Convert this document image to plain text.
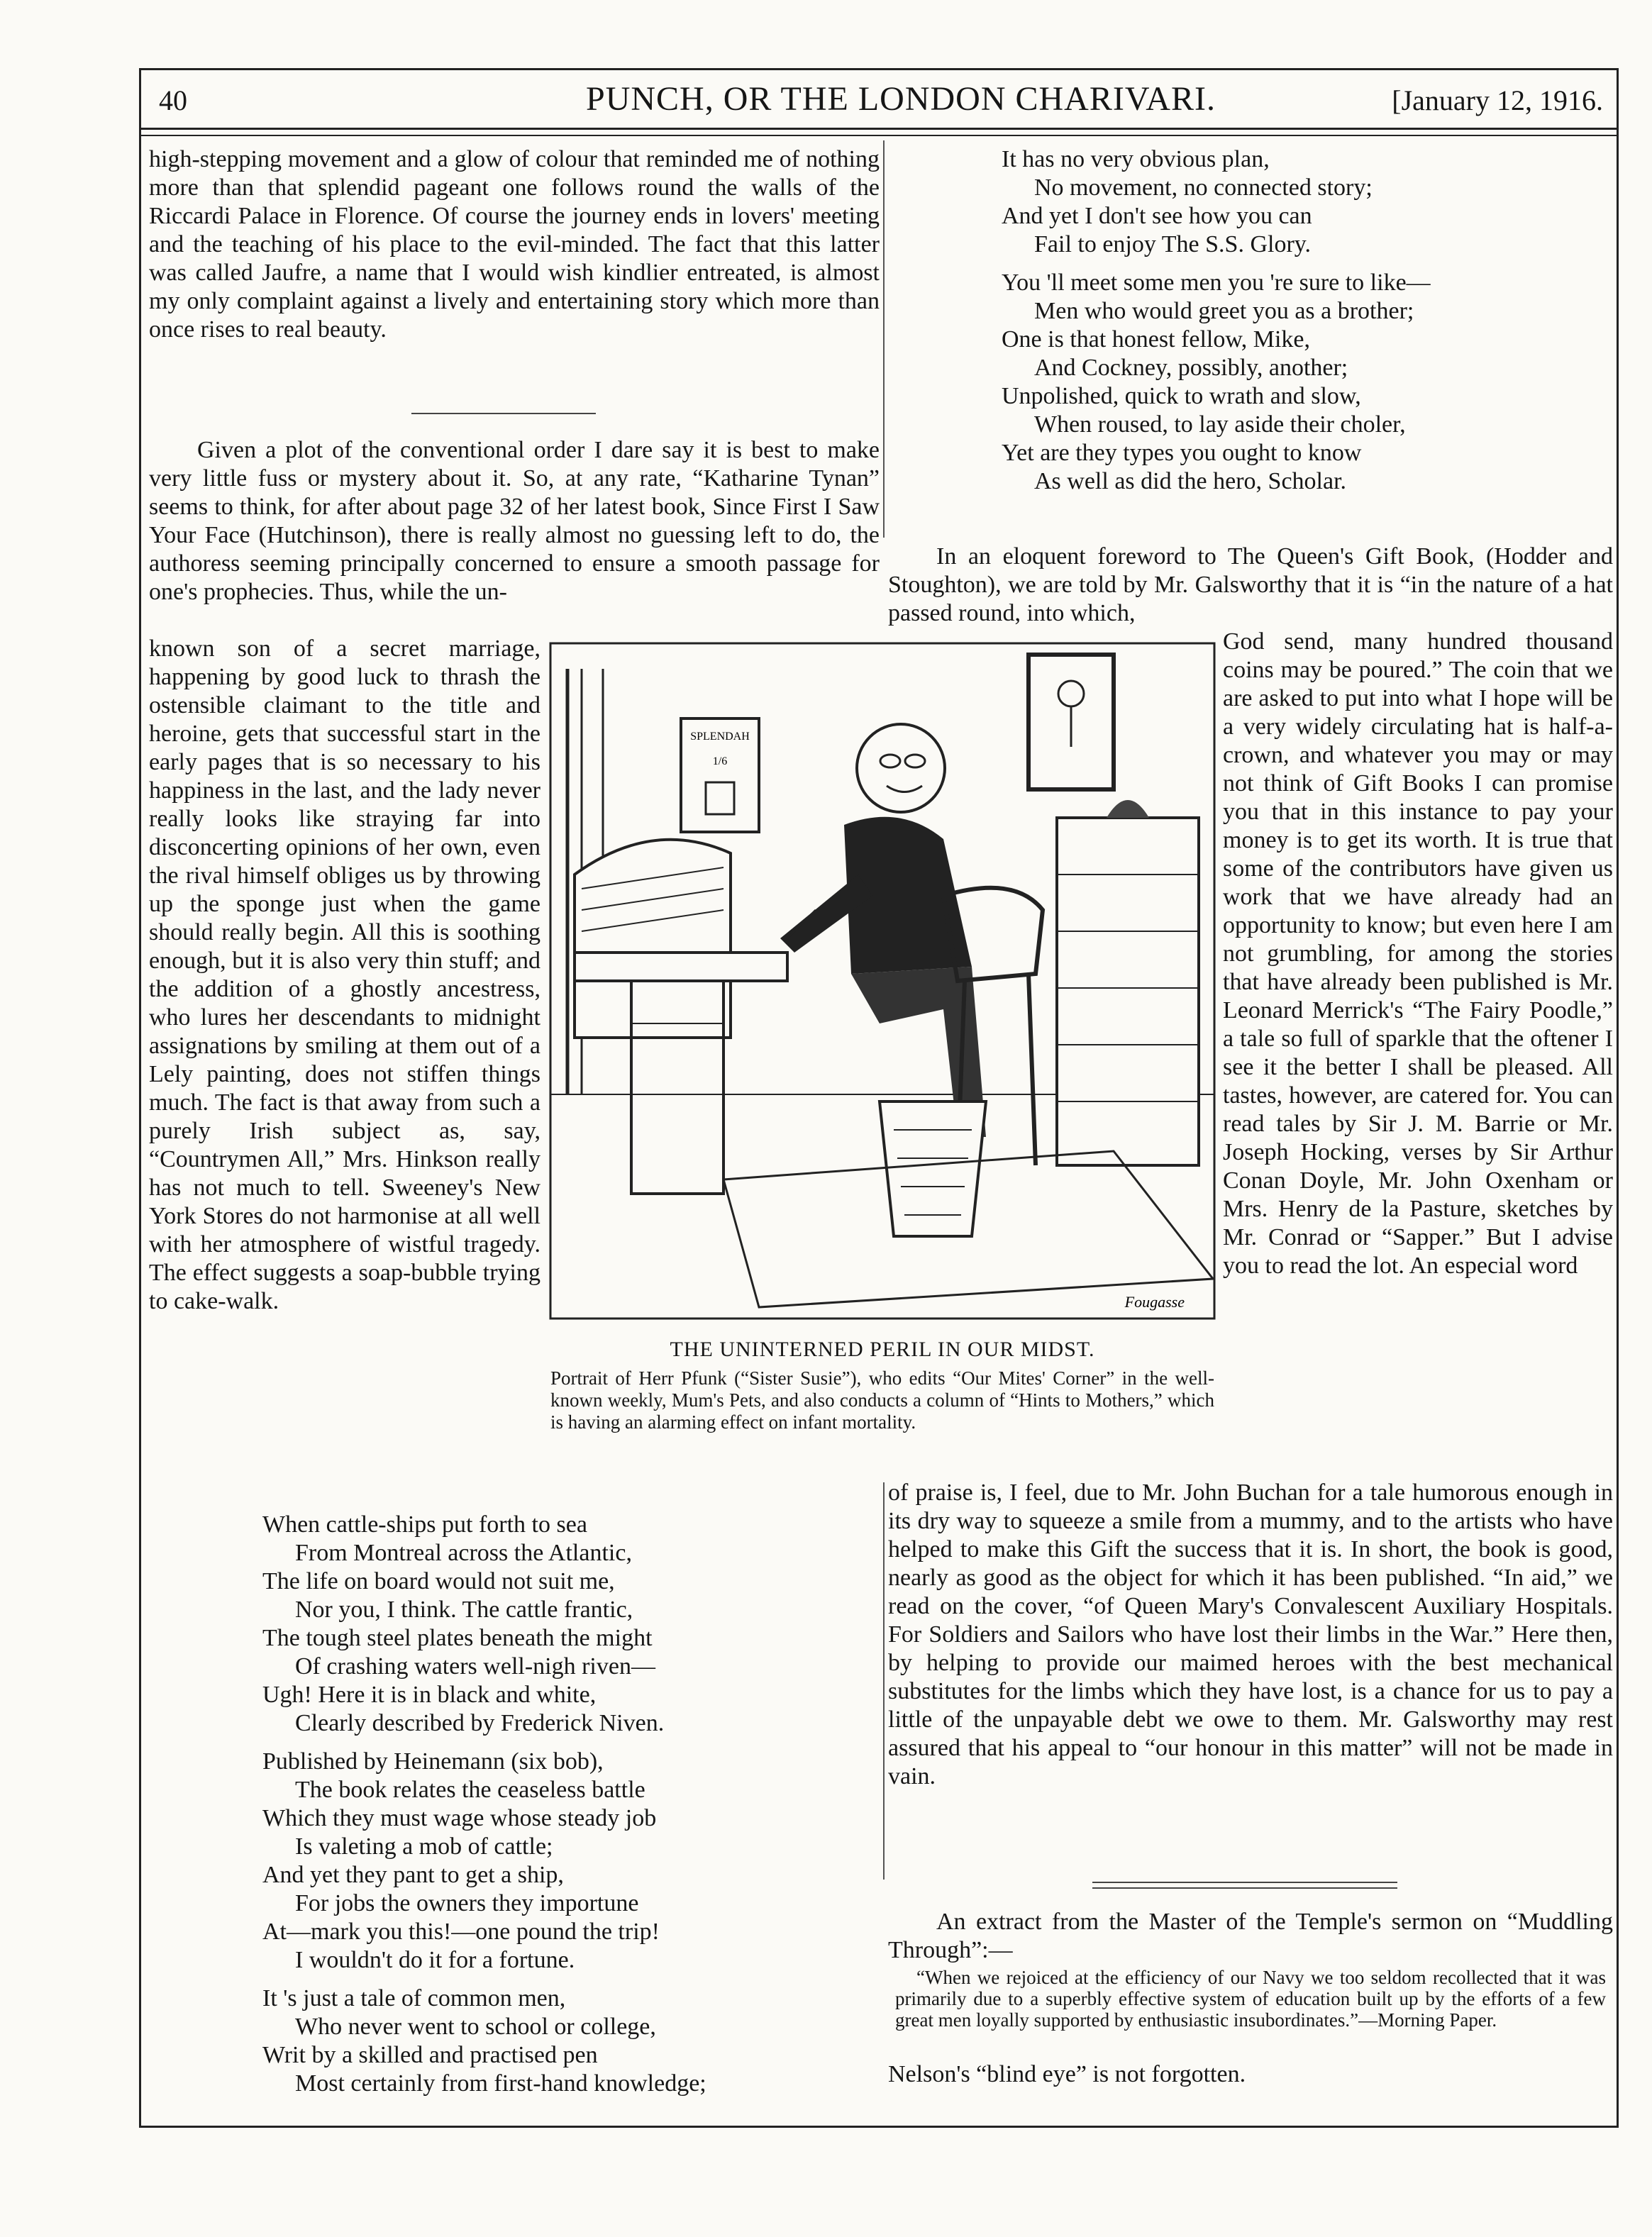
40	PUNCH, OR THE LONDON CHARIVARI.	[January 12, 1916.

high-stepping movement and a glow of colour that reminded me of nothing more than that splendid pageant one follows round the walls of the Riccardi Palace in Florence. Of course the journey ends in lovers' meeting and the teaching of his place to the evil-minded. The fact that this latter was called Jaufre, a name that I would wish kindlier entreated, is almost my only complaint against a lively and entertaining story which more than once rises to real beauty.

Given a plot of the conventional order I dare say it is best to make very little fuss or mystery about it. So, at any rate, “Katharine Tynan” seems to think, for after about page 32 of her latest book, Since First I Saw Your Face (Hutchinson), there is really almost no guessing left to do, the authoress seeming principally concerned to ensure a smooth passage for one's prophecies. Thus, while the un-

known son of a secret marriage, happening by good luck to thrash the ostensible claimant to the title and heroine, gets that successful start in the early pages that is so necessary to his happiness in the last, and the lady never really looks like straying far into disconcerting opinions of her own, even the rival himself obliges us by throwing up the sponge just when the game should really begin. All this is soothing enough, but it is also very thin stuff; and the addition of a ghostly ancestress, who lures her descendants to midnight assignations by smiling at them out of a Lely painting, does not stiffen things much. The fact is that away from such a purely Irish subject as, say, “Countrymen All,” Mrs. Hinkson really has not much to tell. Sweeney's New York Stores do not harmonise at all well with her atmosphere of wistful tragedy. The effect suggests a soap-bubble trying to cake-walk.

It has no very obvious plan,
No movement, no connected story;
And yet I don't see how you can
Fail to enjoy The S.S. Glory.
You 'll meet some men you 're sure to like—
Men who would greet you as a brother;
One is that honest fellow, Mike,
And Cockney, possibly, another;
Unpolished, quick to wrath and slow,
When roused, to lay aside their choler,
Yet are they types you ought to know
As well as did the hero, Scholar.

In an eloquent foreword to The Queen's Gift Book, (Hodder and Stoughton), we are told by Mr. Galsworthy that it is “in the nature of a hat passed round, into which,

God send, many hundred thousand coins may be poured.” The coin that we are asked to put into what I hope will be a very widely circulating hat is half-a-crown, and whatever you may or may not think of Gift Books I can promise you that in this instance to pay your money is to get its worth. It is true that some of the contributors have given us work that we have already had an opportunity to know; but even here I am not grumbling, for among the stories that have already been published is Mr. Leonard Merrick's “The Fairy Poodle,” a tale so full of sparkle that the oftener I see it the better I shall be pleased. All tastes, however, are catered for. You can read tales by Sir J. M. Barrie or Mr. Joseph Hocking, verses by Sir Arthur Conan Doyle, Mr. John Oxenham or Mrs. Henry de la Pasture, sketches by Mr. Conrad or “Sapper.” But I advise you to read the lot. An especial word

of praise is, I feel, due to Mr. John Buchan for a tale humorous enough in its dry way to squeeze a smile from a mummy, and to the artists who have helped to make this Gift the success that it is. In short, the book is good, nearly as good as the object for which it has been published. “In aid,” we read on the cover, “of Queen Mary's Convalescent Auxiliary Hospitals. For Soldiers and Sailors who have lost their limbs in the War.” Here then, by helping to provide our maimed heroes with the best mechanical substitutes for the limbs which they have lost, is a chance for us to pay a little of the unpayable debt we owe to them. Mr. Galsworthy may rest assured that his appeal to “our honour in this matter” will not be made in vain.

An extract from the Master of the Temple's sermon on “Muddling Through”:—

“When we rejoiced at the efficiency of our Navy we too seldom recollected that it was primarily due to a superbly effective system of education built up by the efforts of a few great men loyally supported by enthusiastic insubordinates.”—Morning Paper.

Nelson's “blind eye” is not forgotten.

When cattle-ships put forth to sea
From Montreal across the Atlantic,
The life on board would not suit me,
Nor you, I think. The cattle frantic,
The tough steel plates beneath the might
Of crashing waters well-nigh riven—
Ugh! Here it is in black and white,
Clearly described by Frederick Niven.
Published by Heinemann (six bob),
The book relates the ceaseless battle
Which they must wage whose steady job
Is valeting a mob of cattle;
And yet they pant to get a ship,
For jobs the owners they importune
At—mark you this!—one pound the trip!
I wouldn't do it for a fortune.
It 's just a tale of common men,
Who never went to school or college,
Writ by a skilled and practised pen
Most certainly from first-hand knowledge;
SPLENDAH
1/6
Fougasse
THE UNINTERNED PERIL IN OUR MIDST.
Portrait of Herr Pfunk (“Sister Susie”), who edits “Our Mites' Corner” in the well-known weekly, Mum's Pets, and also conducts a column of “Hints to Mothers,” which is having an alarming effect on infant mortality.
